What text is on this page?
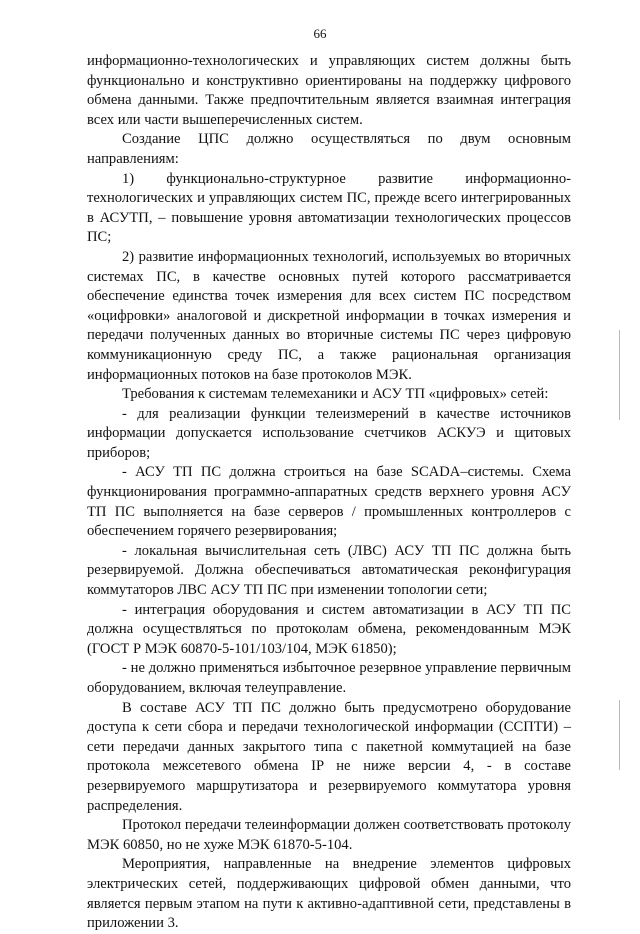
66

информационно-технологических и управляющих систем должны быть функционально и конструктивно ориентированы на поддержку цифрового обмена данными. Также предпочтительным является взаимная интеграция всех или части вышеперечисленных систем.

Создание ЦПС должно осуществляться по двум основным направлениям:

1) функционально-структурное развитие информационно-технологических и управляющих систем ПС, прежде всего интегрированных в АСУТП, – повышение уровня автоматизации технологических процессов ПС;

2) развитие информационных технологий, используемых во вторичных системах ПС, в качестве основных путей которого рассматривается обеспечение единства точек измерения для всех систем ПС посредством «оцифровки» аналоговой и дискретной информации в точках измерения и передачи полученных данных во вторичные системы ПС через цифровую коммуникационную среду ПС, а также рациональная организация информационных потоков на базе протоколов МЭК.

Требования к системам телемеханики и АСУ ТП «цифровых» сетей:

- для реализации функции телеизмерений в качестве источников информации допускается использование счетчиков АСКУЭ и щитовых приборов;

- АСУ ТП ПС должна строиться на базе SCADA–системы. Схема функционирования программно-аппаратных средств верхнего уровня АСУ ТП ПС выполняется на базе серверов / промышленных контроллеров с обеспечением горячего резервирования;

- локальная вычислительная сеть (ЛВС) АСУ ТП ПС должна быть резервируемой. Должна обеспечиваться автоматическая реконфигурация коммутаторов ЛВС АСУ ТП ПС при изменении топологии сети;

- интеграция оборудования и систем автоматизации в АСУ ТП ПС должна осуществляться по протоколам обмена, рекомендованным МЭК (ГОСТ Р МЭК 60870-5-101/103/104, МЭК 61850);

- не должно применяться избыточное резервное управление первичным оборудованием, включая телеуправление.

В составе АСУ ТП ПС должно быть предусмотрено оборудование доступа к сети сбора и передачи технологической информации (ССПТИ) – сети передачи данных закрытого типа с пакетной коммутацией на базе протокола межсетевого обмена IP не ниже версии 4, - в составе резервируемого маршрутизатора и резервируемого коммутатора уровня распределения.

Протокол передачи телеинформации должен соответствовать протоколу МЭК 60850, но не хуже МЭК 61870-5-104.

Мероприятия, направленные на внедрение элементов цифровых электрических сетей, поддерживающих цифровой обмен данными, что является первым этапом на пути к активно-адаптивной сети, представлены в приложении 3.
